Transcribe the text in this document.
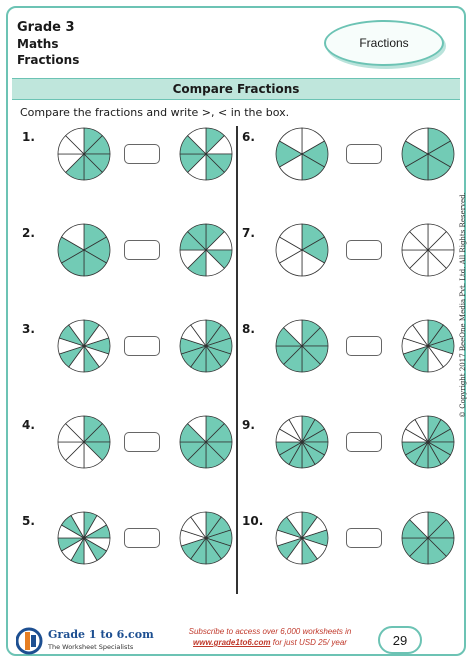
Grade 3
Maths
Fractions
Fractions
Compare Fractions
Compare the fractions and write >, < in the box.
1.
2.
3.
4.
5.
6.
7.
8.
9.
10.
© Copyright 2017 BeeOne Media Pvt. Ltd. All Rights Reserved.
Grade 1 to 6.com
The Worksheet Specialists
Subscribe to access over 6,000 worksheets in
www.grade1to6.com for just USD 25/ year	29
